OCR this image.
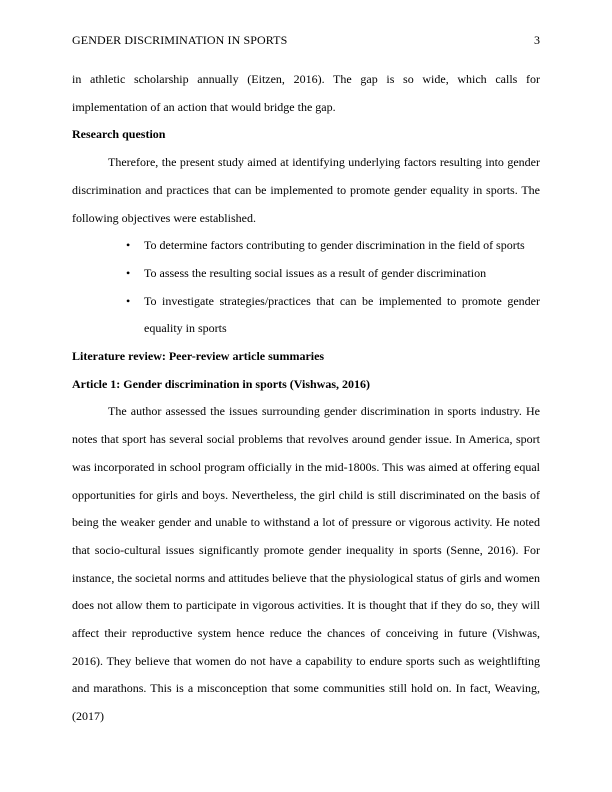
GENDER DISCRIMINATION IN SPORTS	3

in athletic scholarship annually (Eitzen, 2016). The gap is so wide, which calls for implementation of an action that would bridge the gap.

Research question

Therefore, the present study aimed at identifying underlying factors resulting into gender discrimination and practices that can be implemented to promote gender equality in sports. The following objectives were established.

• To determine factors contributing to gender discrimination in the field of sports
• To assess the resulting social issues as a result of gender discrimination
• To investigate strategies/practices that can be implemented to promote gender equality in sports

Literature review: Peer-review article summaries

Article 1: Gender discrimination in sports (Vishwas, 2016)

The author assessed the issues surrounding gender discrimination in sports industry. He notes that sport has several social problems that revolves around gender issue. In America, sport was incorporated in school program officially in the mid-1800s. This was aimed at offering equal opportunities for girls and boys. Nevertheless, the girl child is still discriminated on the basis of being the weaker gender and unable to withstand a lot of pressure or vigorous activity. He noted that socio-cultural issues significantly promote gender inequality in sports (Senne, 2016). For instance, the societal norms and attitudes believe that the physiological status of girls and women does not allow them to participate in vigorous activities. It is thought that if they do so, they will affect their reproductive system hence reduce the chances of conceiving in future (Vishwas, 2016). They believe that women do not have a capability to endure sports such as weightlifting and marathons. This is a misconception that some communities still hold on. In fact, Weaving, (2017)
